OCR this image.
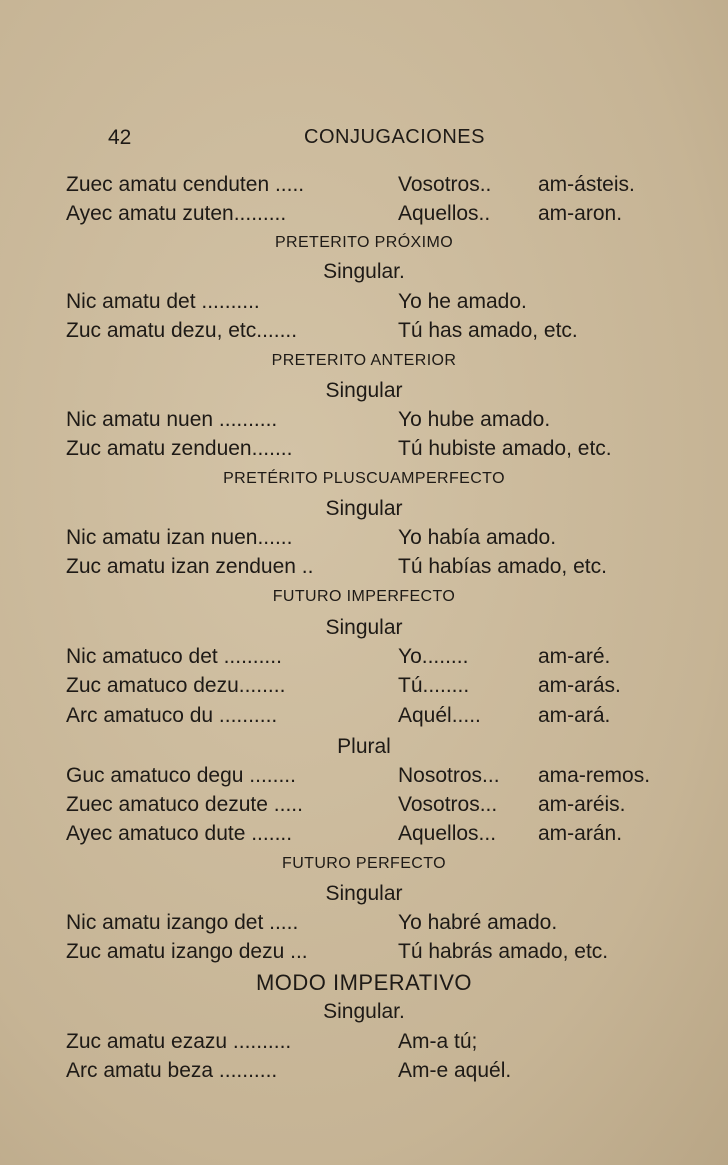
42	CONJUGACIONES
Zuec amatu cenduten .....	Vosotros.. am-ásteis.
Ayec amatu zuten.........	Aquellos.. am-aron.
PRETERITO PRÓXIMO
Singular.
Nic amatu det ..........	Yo he amado.
Zuc amatu dezu, etc.......	Tú has amado, etc.
PRETERITO ANTERIOR
Singular
Nic amatu nuen ..........	Yo hube amado.
Zuc amatu zenduen.......	Tú hubiste amado, etc.
PRETÉRITO PLUSCUAMPERFECTO
Singular
Nic amatu izan nuen......	Yo había amado.
Zuc amatu izan zenduen ..	Tú habías amado, etc.
FUTURO IMPERFECTO
Singular
Nic amatuco det ..........	Yo........	am-aré.
Zuc amatuco dezu........	Tú........	am-arás.
Arc amatuco du ..........	Aquél.....	am-ará.
Plural
Guc amatuco degu ........	Nosotros... ama-remos.
Zuec amatuco dezute .....	Vosotros... am-aréis.
Ayec amatuco dute .......	Aquellos... am-arán.
FUTURO PERFECTO
Singular
Nic amatu izango det .....	Yo habré amado.
Zuc amatu izango dezu ...	Tú habrás amado, etc.
MODO IMPERATIVO
Singular.
Zuc amatu ezazu ..........	Am-a tú;
Arc amatu beza ..........	Am-e aquél.
